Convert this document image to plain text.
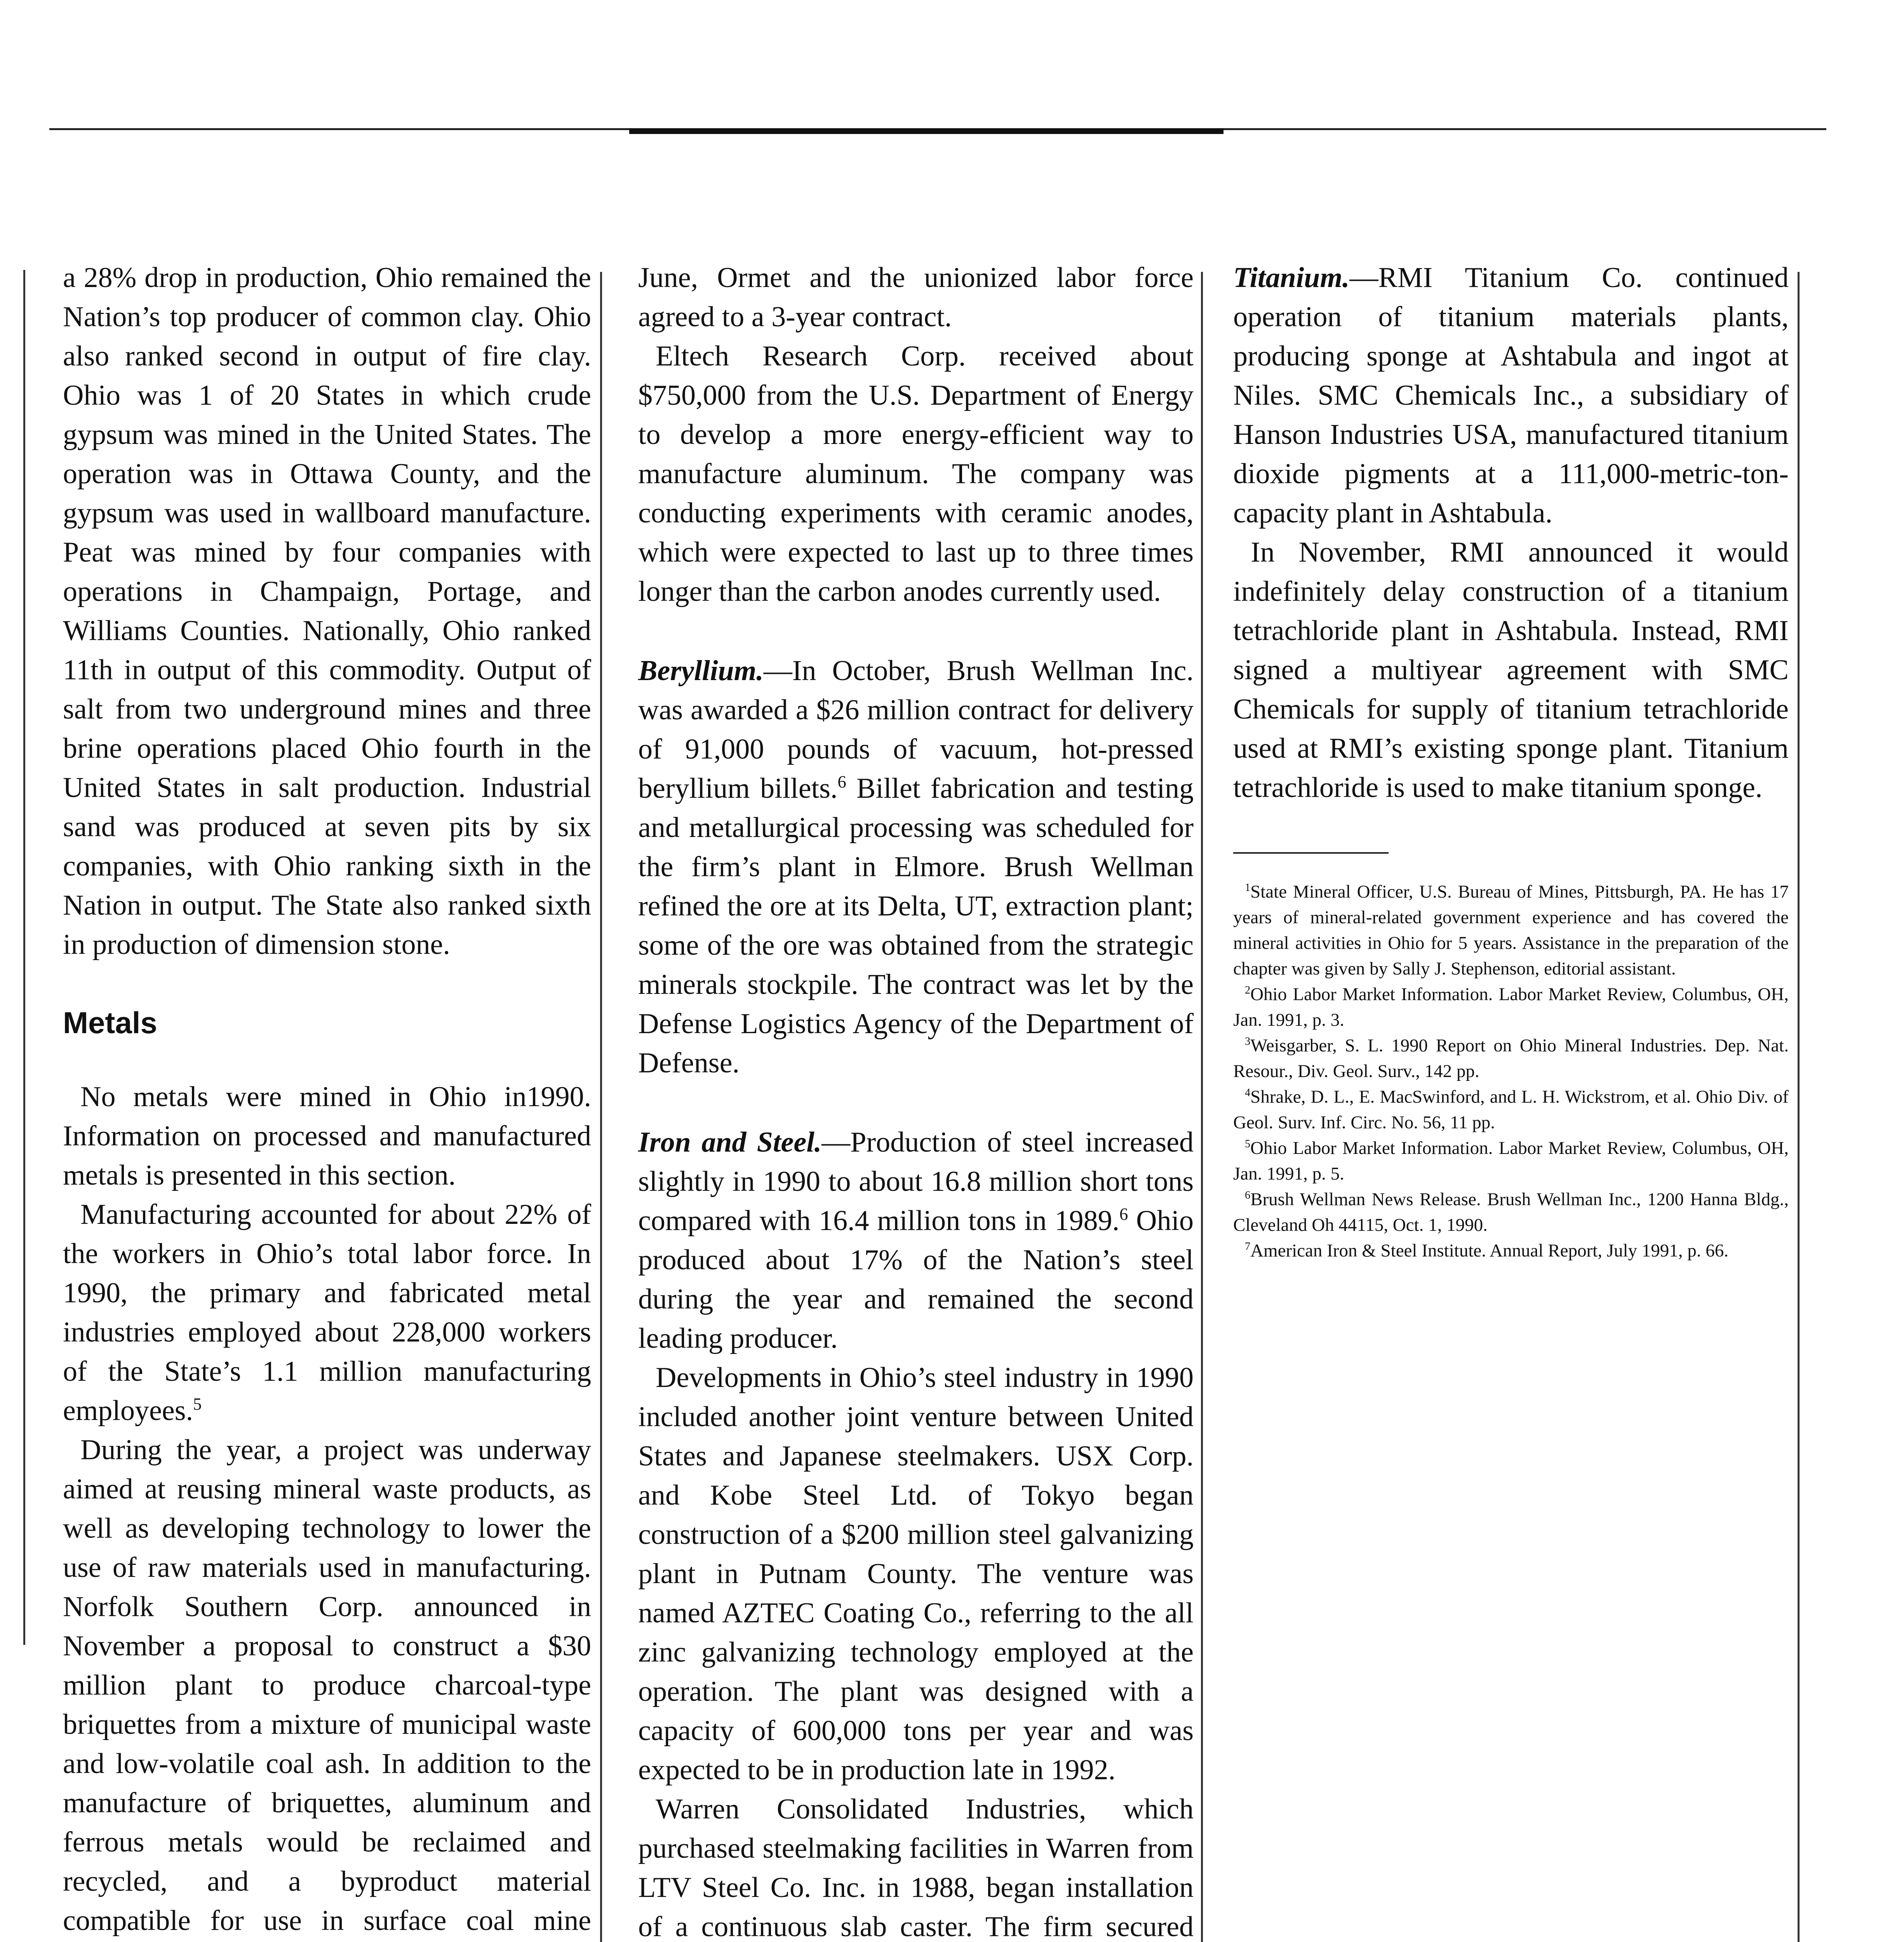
a 28% drop in production, Ohio remained the Nation’s top producer of common clay. Ohio also ranked second in output of fire clay. Ohio was 1 of 20 States in which crude gypsum was mined in the United States. The operation was in Ottawa County, and the gypsum was used in wallboard manufacture. Peat was mined by four companies with operations in Champaign, Portage, and Williams Counties. Nationally, Ohio ranked 11th in output of this commodity. Output of salt from two underground mines and three brine operations placed Ohio fourth in the United States in salt production. Industrial sand was produced at seven pits by six companies, with Ohio ranking sixth in the Nation in output. The State also ranked sixth in production of dimension stone.

Metals

No metals were mined in Ohio in1990. Information on processed and manufactured metals is presented in this section.

Manufacturing accounted for about 22% of the workers in Ohio’s total labor force. In 1990, the primary and fabricated metal industries employed about 228,000 workers of the State’s 1.1 million manufacturing employees.$^5$

During the year, a project was underway aimed at reusing mineral waste products, as well as developing technology to lower the use of raw materials used in manufacturing. Norfolk Southern Corp. announced in November a proposal to construct a $30 million plant to produce charcoal-type briquettes from a mixture of municipal waste and low-volatile coal ash. In addition to the manufacture of briquettes, aluminum and ferrous metals would be reclaimed and recycled, and a byproduct material compatible for use in surface coal mine

June, Ormet and the unionized labor force agreed to a 3-year contract.

Eltech Research Corp. received about $750,000 from the U.S. Department of Energy to develop a more energy-efficient way to manufacture aluminum. The company was conducting experiments with ceramic anodes, which were expected to last up to three times longer than the carbon anodes currently used.

Beryllium.—In October, Brush Wellman Inc. was awarded a $26 million contract for delivery of 91,000 pounds of vacuum, hot-pressed beryllium billets.$^6$ Billet fabrication and testing and metallurgical processing was scheduled for the firm’s plant in Elmore. Brush Wellman refined the ore at its Delta, UT, extraction plant; some of the ore was obtained from the strategic minerals stockpile. The contract was let by the Defense Logistics Agency of the Department of Defense.

Iron and Steel.—Production of steel increased slightly in 1990 to about 16.8 million short tons compared with 16.4 million tons in 1989.$^6$ Ohio produced about 17% of the Nation’s steel during the year and remained the second leading producer.

Developments in Ohio’s steel industry in 1990 included another joint venture between United States and Japanese steelmakers. USX Corp. and Kobe Steel Ltd. of Tokyo began construction of a $200 million steel galvanizing plant in Putnam County. The venture was named AZTEC Coating Co., referring to the all zinc galvanizing technology employed at the operation. The plant was designed with a capacity of 600,000 tons per year and was expected to be in production late in 1992.

Warren Consolidated Industries, which purchased steelmaking facilities in Warren from LTV Steel Co. Inc. in 1988, began installation of a continuous slab caster. The firm secured

Titanium.—RMI Titanium Co. continued operation of titanium materials plants, producing sponge at Ashtabula and ingot at Niles. SMC Chemicals Inc., a subsidiary of Hanson Industries USA, manufactured titanium dioxide pigments at a 111,000-metric-ton-capacity plant in Ashtabula.

In November, RMI announced it would indefinitely delay construction of a titanium tetrachloride plant in Ashtabula. Instead, RMI signed a multiyear agreement with SMC Chemicals for supply of titanium tetrachloride used at RMI’s existing sponge plant. Titanium tetrachloride is used to make titanium sponge.

$^1$State Mineral Officer, U.S. Bureau of Mines, Pittsburgh, PA. He has 17 years of mineral-related government experience and has covered the mineral activities in Ohio for 5 years. Assistance in the preparation of the chapter was given by Sally J. Stephenson, editorial assistant.

$^2$Ohio Labor Market Information. Labor Market Review, Columbus, OH, Jan. 1991, p. 3.

$^3$Weisgarber, S. L. 1990 Report on Ohio Mineral Industries. Dep. Nat. Resour., Div. Geol. Surv., 142 pp.

$^4$Shrake, D. L., E. MacSwinford, and L. H. Wickstrom, et al. Ohio Div. of Geol. Surv. Inf. Circ. No. 56, 11 pp.

$^5$Ohio Labor Market Information. Labor Market Review, Columbus, OH, Jan. 1991, p. 5.

$^6$Brush Wellman News Release. Brush Wellman Inc., 1200 Hanna Bldg., Cleveland Oh 44115, Oct. 1, 1990.

$^7$American Iron & Steel Institute. Annual Report, July 1991, p. 66.
